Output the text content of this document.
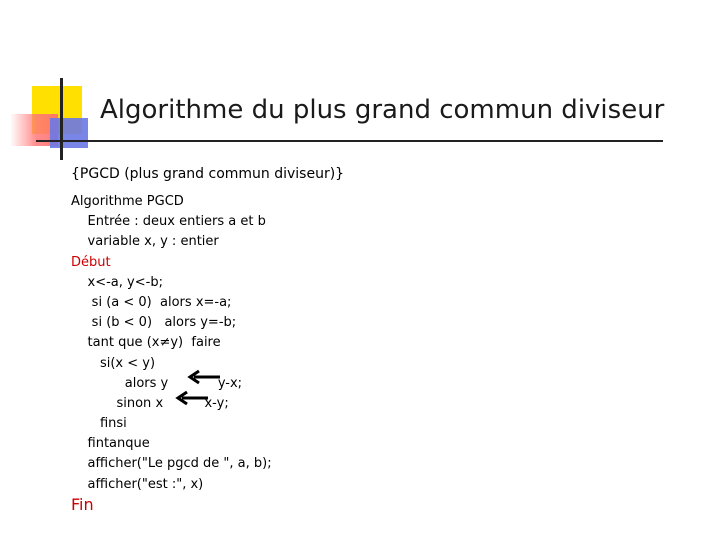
Algorithme du plus grand commun diviseur
{PGCD (plus grand commun diviseur)}
Algorithme PGCD
Entrée : deux entiers a et b
variable x, y : entier
Début
x<-a, y<-b;
si (a < 0) alors x=-a;
si (b < 0) alors y=-b;
tant que (x≠y) faire
si(x < y)
alors y	y-x;
sinon x	x-y;
finsi
fintanque
afficher("Le pgcd de ", a, b);
afficher("est :", x)
Fin
